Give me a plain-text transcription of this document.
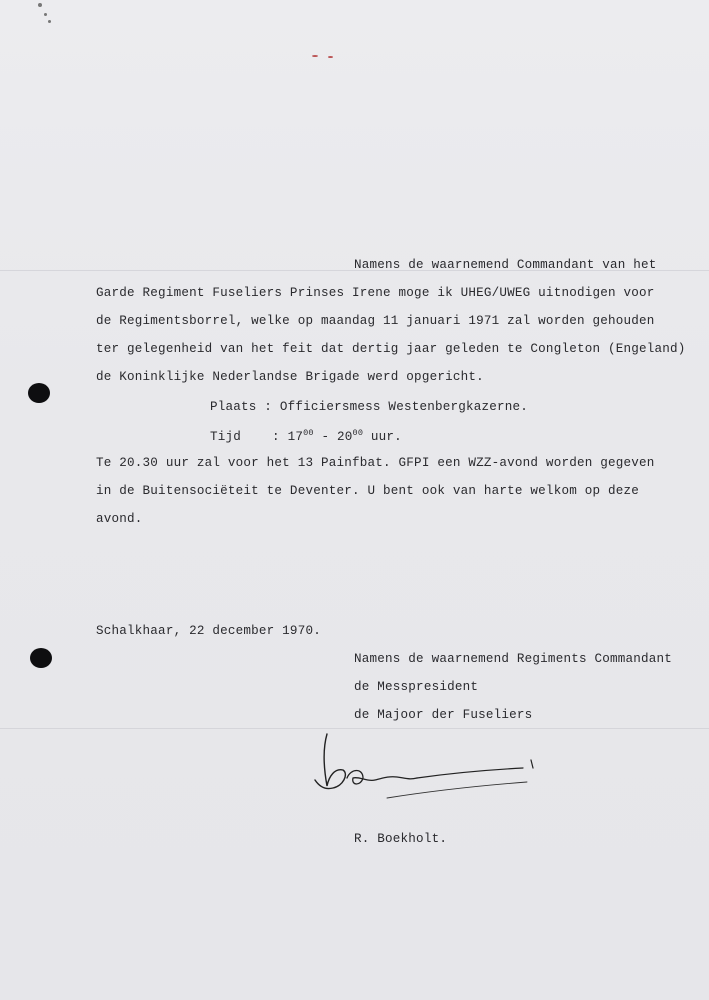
Namens de waarnemend Commandant van het
Garde Regiment Fuseliers Prinses Irene moge ik UHEG/UWEG uitnodigen voor
de Regimentsborrel, welke op maandag 11 januari 1971 zal worden gehouden
ter gelegenheid van het feit dat dertig jaar geleden te Congleton (Engeland)
de Koninklijke Nederlandse Brigade werd opgericht.
Plaats : Officiersmess Westenbergkazerne.
Tijd    : $17^{00} - 20^{00}$ uur.
Te 20.30 uur zal voor het 13 Painfbat. GFPI een WZZ-avond worden gegeven
in de Buitensociëteit te Deventer. U bent ook van harte welkom op deze
avond.
Schalkhaar, 22 december 1970.
Namens de waarnemend Regiments Commandant
de Messpresident
de Majoor der Fuseliers
R. Boekholt.
